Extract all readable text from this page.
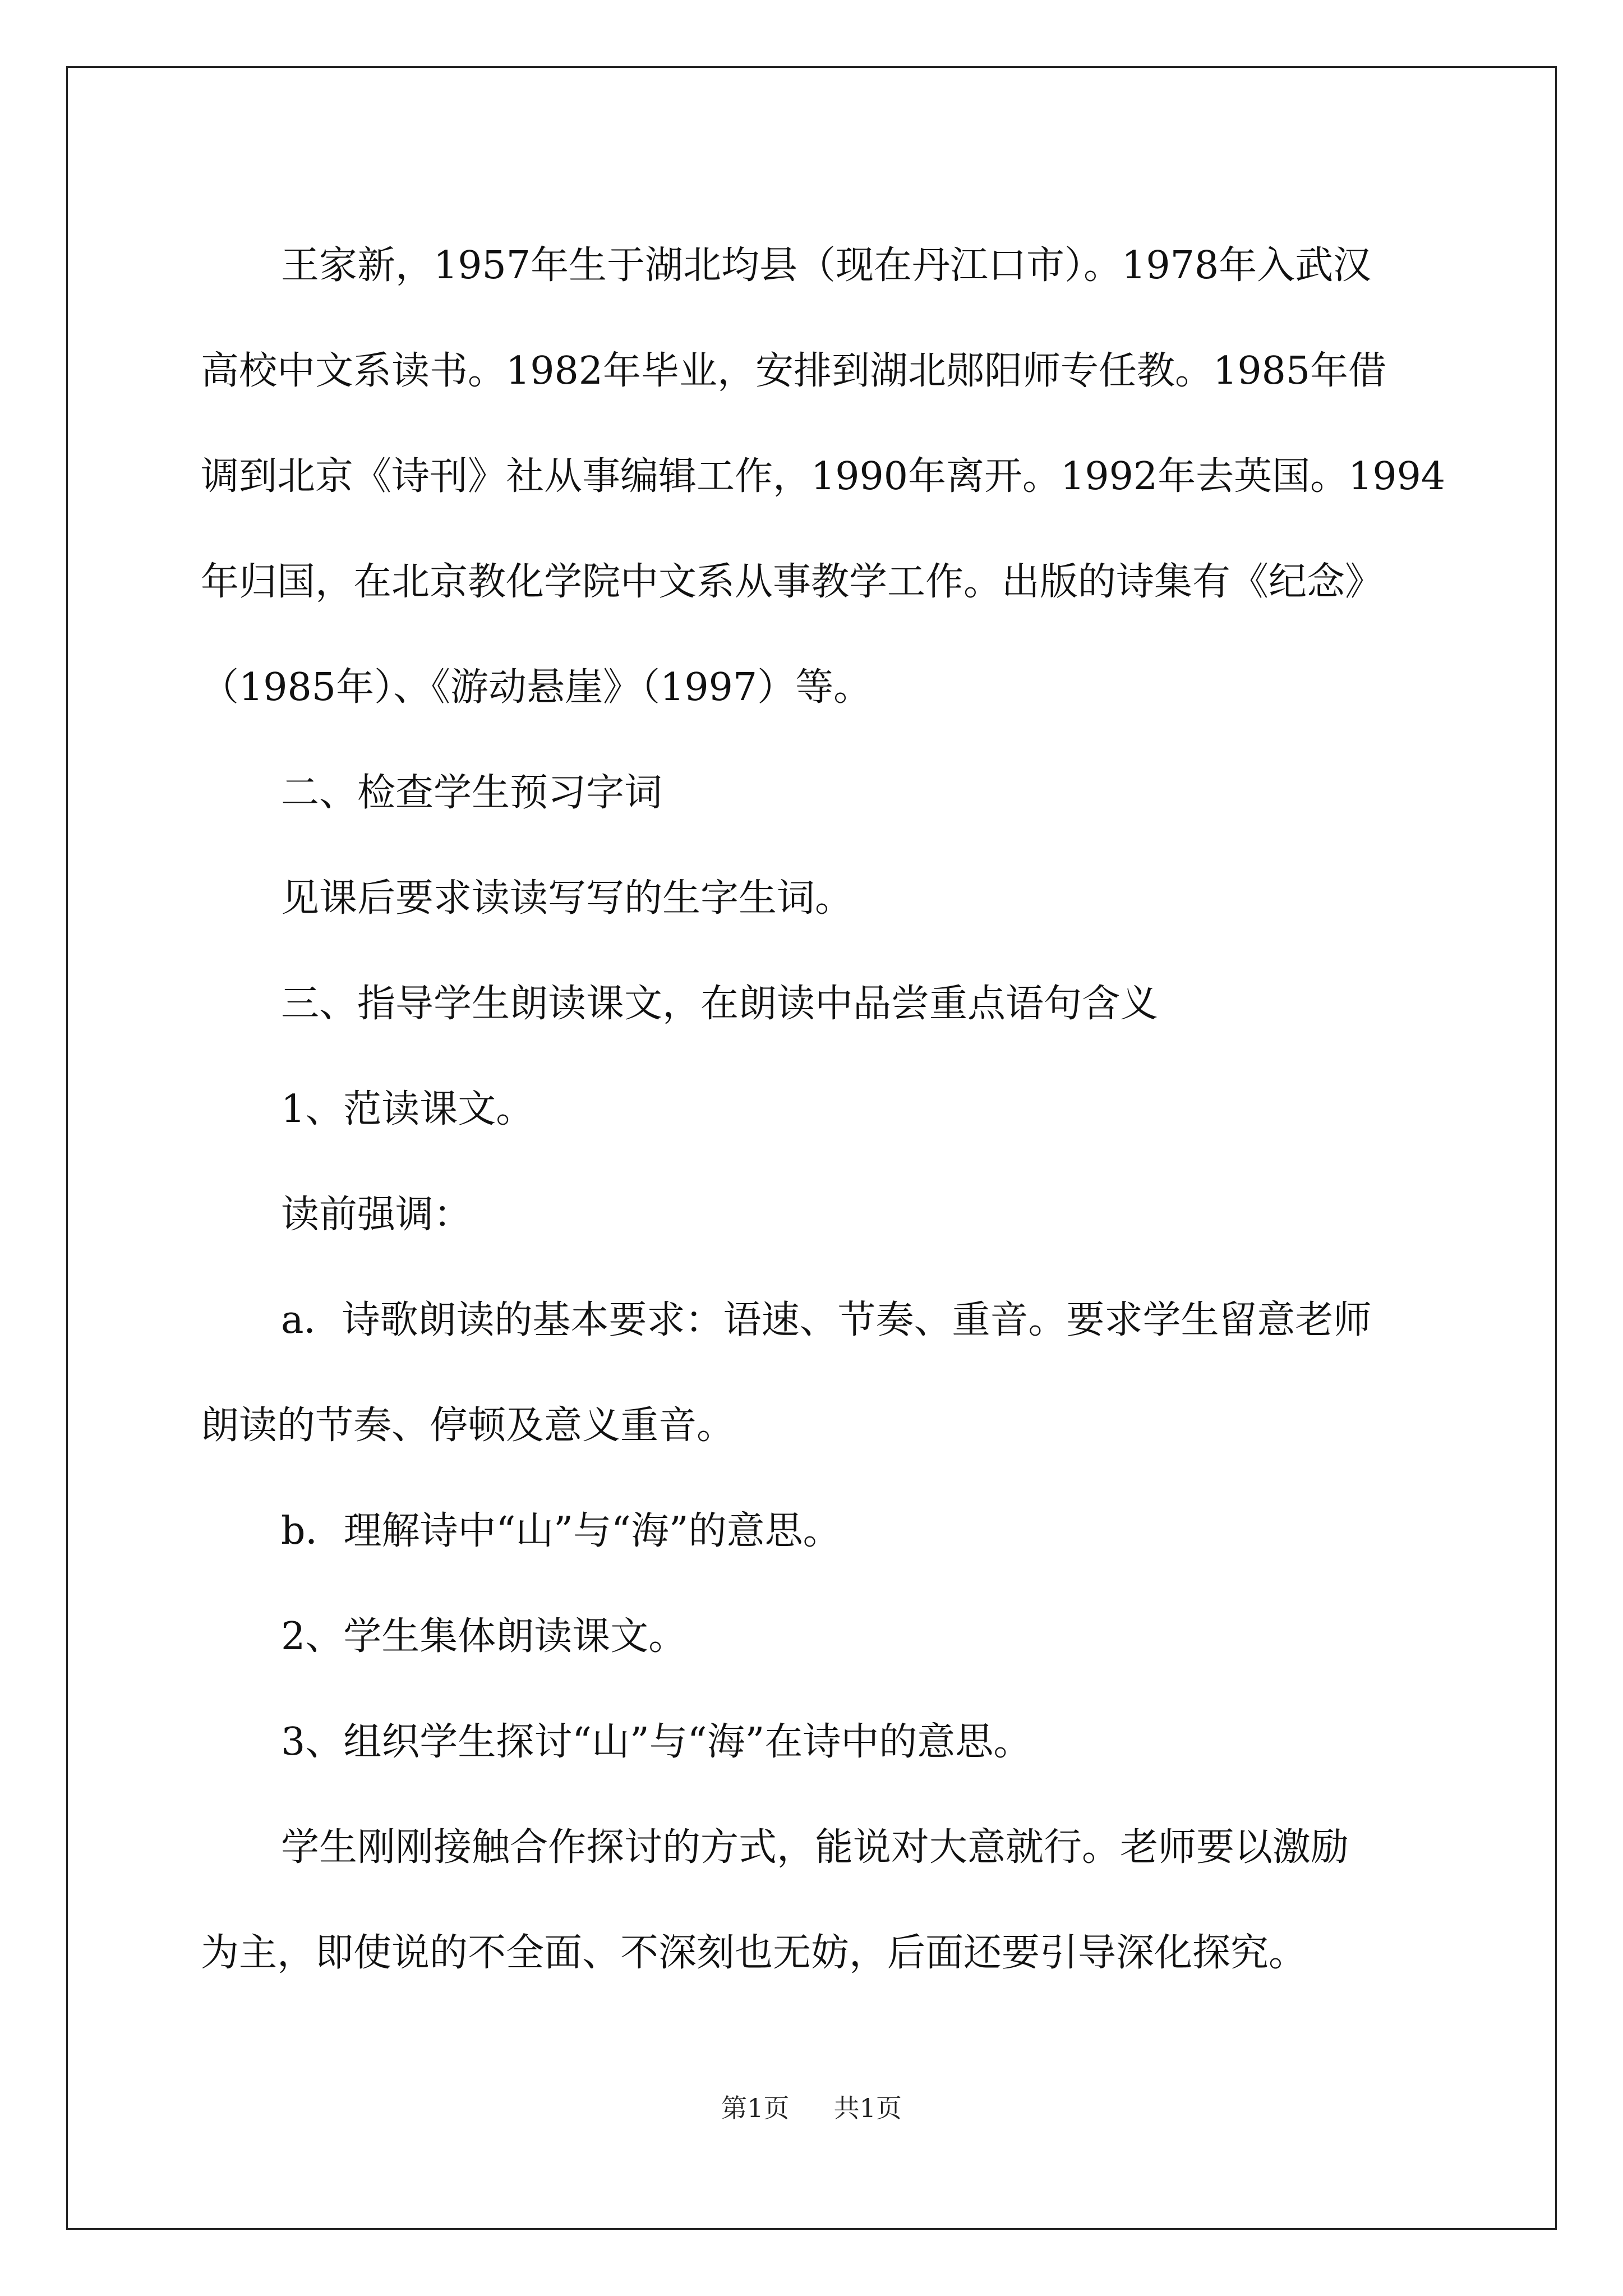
王家新，1957年生于湖北均县（现在丹江口市）。1978年入武汉
高校中文系读书。1982年毕业，安排到湖北郧阳师专任教。1985年借
调到北京《诗刊》社从事编辑工作，1990年离开。1992年去英国。1994
年归国，在北京教化学院中文系从事教学工作。出版的诗集有《纪念》
（1985年）、《游动悬崖》（1997）等。

二、检查学生预习字词

见课后要求读读写写的生字生词。

三、指导学生朗读课文，在朗读中品尝重点语句含义

1、范读课文。

读前强调：

a．诗歌朗读的基本要求：语速、节奏、重音。要求学生留意老师
朗读的节奏、停顿及意义重音。

b．理解诗中“山”与“海”的意思。

2、学生集体朗读课文。

3、组织学生探讨“山”与“海”在诗中的意思。

学生刚刚接触合作探讨的方式，能说对大意就行。老师要以激励
为主，即使说的不全面、不深刻也无妨，后面还要引导深化探究。

第1页 共1页
